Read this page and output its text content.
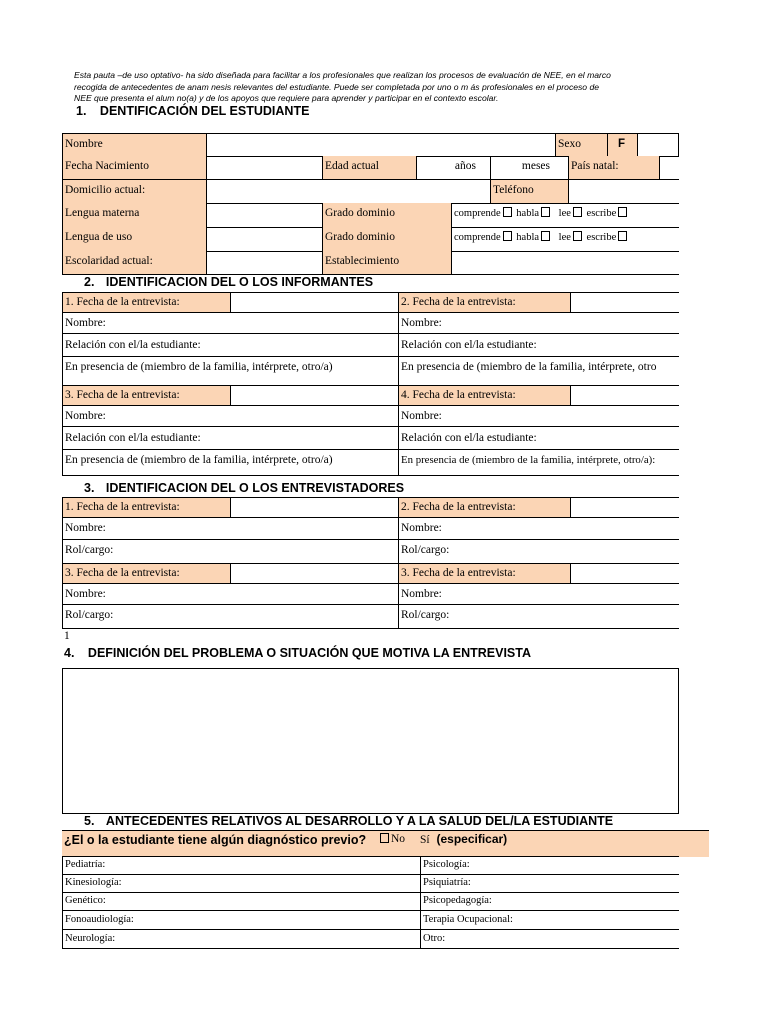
Esta pauta –de uso optativo- ha sido diseñada para facilitar a los profesionales que realizan los procesos de evaluación de NEE, en el marco
recogida de antecedentes de anam nesis relevantes del estudiante. Puede ser completada por uno o m ás profesionales en el proceso de
NEE que presenta el alum no(a) y de los apoyos que requiere para aprender y participar en el contexto escolar.
1. DENTIFICACIÓN DEL ESTUDIANTE
Nombre	Sexo	F
Fecha Nacimiento	Edad actual	años	meses	País natal:
Domicilio actual:	Teléfono
Lengua materna	Grado dominio	comprende habla lee escribe
Lengua de uso	Grado dominio	comprende habla lee escribe
Escolaridad actual:	Establecimiento
2. IDENTIFICACION DEL O LOS INFORMANTES
1. Fecha de la entrevista:	2. Fecha de la entrevista:
Nombre:	Nombre:
Relación con el/la estudiante:	Relación con el/la estudiante:
En presencia de (miembro de la familia, intérprete, otro/a)	En presencia de (miembro de la familia, intérprete, otro
3. Fecha de la entrevista:	4. Fecha de la entrevista:
Nombre:	Nombre:
Relación con el/la estudiante:	Relación con el/la estudiante:
En presencia de (miembro de la familia, intérprete, otro/a)	En presencia de (miembro de la familia, intérprete, otro/a):
3. IDENTIFICACION DEL O LOS ENTREVISTADORES
1. Fecha de la entrevista:	2. Fecha de la entrevista:
Nombre:	Nombre:
Rol/cargo:	Rol/cargo:
3. Fecha de la entrevista:	3. Fecha de la entrevista:
Nombre:	Nombre:
Rol/cargo:	Rol/cargo:
1
4. DEFINICIÓN DEL PROBLEMA O SITUACIÓN QUE MOTIVA LA ENTREVISTA
5. ANTECEDENTES RELATIVOS AL DESARROLLO Y A LA SALUD DEL/LA ESTUDIANTE
¿El o la estudiante tiene algún diagnóstico previo?	No Sí (especificar)
Pediatría:	Psicología:
Kinesiología:	Psiquiatría:
Genético:	Psicopedagogía:
Fonoaudiología:	Terapia Ocupacional:
Neurología:	Otro:
